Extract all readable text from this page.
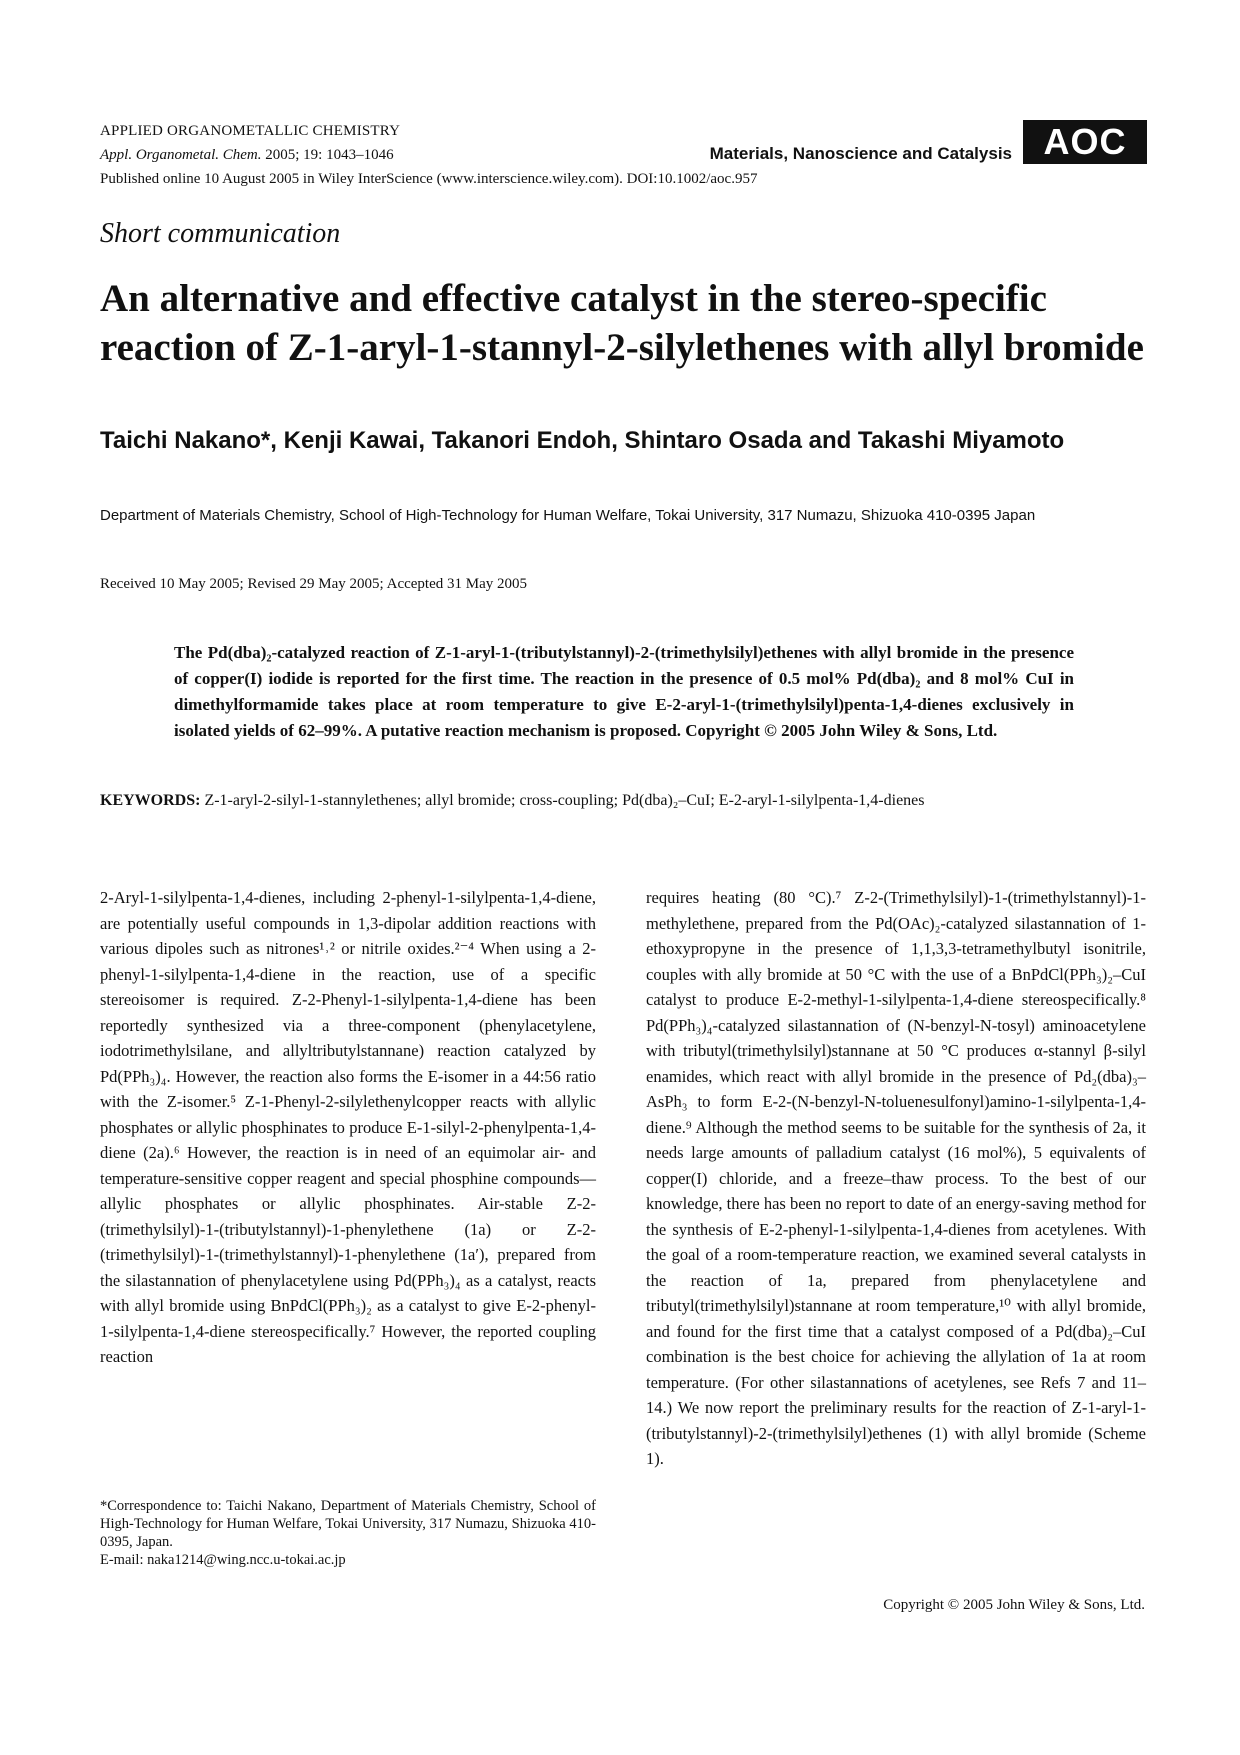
APPLIED ORGANOMETALLIC CHEMISTRY
Appl. Organometal. Chem. 2005; 19: 1043–1046
Published online 10 August 2005 in Wiley InterScience (www.interscience.wiley.com). DOI:10.1002/aoc.957
Materials, Nanoscience and Catalysis AOC
Short communication
An alternative and effective catalyst in the stereo-specific reaction of Z-1-aryl-1-stannyl-2-silylethenes with allyl bromide
Taichi Nakano*, Kenji Kawai, Takanori Endoh, Shintaro Osada and Takashi Miyamoto
Department of Materials Chemistry, School of High-Technology for Human Welfare, Tokai University, 317 Numazu, Shizuoka 410-0395 Japan
Received 10 May 2005; Revised 29 May 2005; Accepted 31 May 2005
The Pd(dba)₂-catalyzed reaction of Z-1-aryl-1-(tributylstannyl)-2-(trimethylsilyl)ethenes with allyl bromide in the presence of copper(I) iodide is reported for the first time. The reaction in the presence of 0.5 mol% Pd(dba)₂ and 8 mol% CuI in dimethylformamide takes place at room temperature to give E-2-aryl-1-(trimethylsilyl)penta-1,4-dienes exclusively in isolated yields of 62–99%. A putative reaction mechanism is proposed. Copyright © 2005 John Wiley & Sons, Ltd.
KEYWORDS: Z-1-aryl-2-silyl-1-stannylethenes; allyl bromide; cross-coupling; Pd(dba)₂–CuI; E-2-aryl-1-silylpenta-1,4-dienes

2-Aryl-1-silylpenta-1,4-dienes, including 2-phenyl-1-silylpenta-1,4-diene, are potentially useful compounds in 1,3-dipolar addition reactions with various dipoles such as nitrones¹˒² or nitrile oxides.²⁻⁴ When using a 2-phenyl-1-silylpenta-1,4-diene in the reaction, use of a specific stereoisomer is required. Z-2-Phenyl-1-silylpenta-1,4-diene has been reportedly synthesized via a three-component (phenylacetylene, iodotrimethylsilane, and allyltributylstannane) reaction catalyzed by Pd(PPh₃)₄. However, the reaction also forms the E-isomer in a 44:56 ratio with the Z-isomer.⁵ Z-1-Phenyl-2-silylethenylcopper reacts with allylic phosphates or allylic phosphinates to produce E-1-silyl-2-phenylpenta-1,4-diene (2a).⁶ However, the reaction is in need of an equimolar air- and temperature-sensitive copper reagent and special phosphine compounds—allylic phosphates or allylic phosphinates. Air-stable Z-2-(trimethylsilyl)-1-(tributylstannyl)-1-phenylethene (1a) or Z-2-(trimethylsilyl)-1-(trimethylstannyl)-1-phenylethene (1a′), prepared from the silastannation of phenylacetylene using Pd(PPh₃)₄ as a catalyst, reacts with allyl bromide using BnPdCl(PPh₃)₂ as a catalyst to give E-2-phenyl-1-silylpenta-1,4-diene stereospecifically.⁷ However, the reported coupling reaction

requires heating (80 °C).⁷ Z-2-(Trimethylsilyl)-1-(trimethylstannyl)-1-methylethene, prepared from the Pd(OAc)₂-catalyzed silastannation of 1-ethoxypropyne in the presence of 1,1,3,3-tetramethylbutyl isonitrile, couples with ally bromide at 50 °C with the use of a BnPdCl(PPh₃)₂–CuI catalyst to produce E-2-methyl-1-silylpenta-1,4-diene stereospecifically.⁸ Pd(PPh₃)₄-catalyzed silastannation of (N-benzyl-N-tosyl) aminoacetylene with tributyl(trimethylsilyl)stannane at 50 °C produces α-stannyl β-silyl enamides, which react with allyl bromide in the presence of Pd₂(dba)₃–AsPh₃ to form E-2-(N-benzyl-N-toluenesulfonyl)amino-1-silylpenta-1,4-diene.⁹ Although the method seems to be suitable for the synthesis of 2a, it needs large amounts of palladium catalyst (16 mol%), 5 equivalents of copper(I) chloride, and a freeze–thaw process. To the best of our knowledge, there has been no report to date of an energy-saving method for the synthesis of E-2-phenyl-1-silylpenta-1,4-dienes from acetylenes. With the goal of a room-temperature reaction, we examined several catalysts in the reaction of 1a, prepared from phenylacetylene and tributyl(trimethylsilyl)stannane at room temperature,¹⁰ with allyl bromide, and found for the first time that a catalyst composed of a Pd(dba)₂–CuI combination is the best choice for achieving the allylation of 1a at room temperature. (For other silastannations of acetylenes, see Refs 7 and 11–14.) We now report the preliminary results for the reaction of Z-1-aryl-1-(tributylstannyl)-2-(trimethylsilyl)ethenes (1) with allyl bromide (Scheme 1).

*Correspondence to: Taichi Nakano, Department of Materials Chemistry, School of High-Technology for Human Welfare, Tokai University, 317 Numazu, Shizuoka 410-0395, Japan.
E-mail: naka1214@wing.ncc.u-tokai.ac.jp
Copyright © 2005 John Wiley & Sons, Ltd.
